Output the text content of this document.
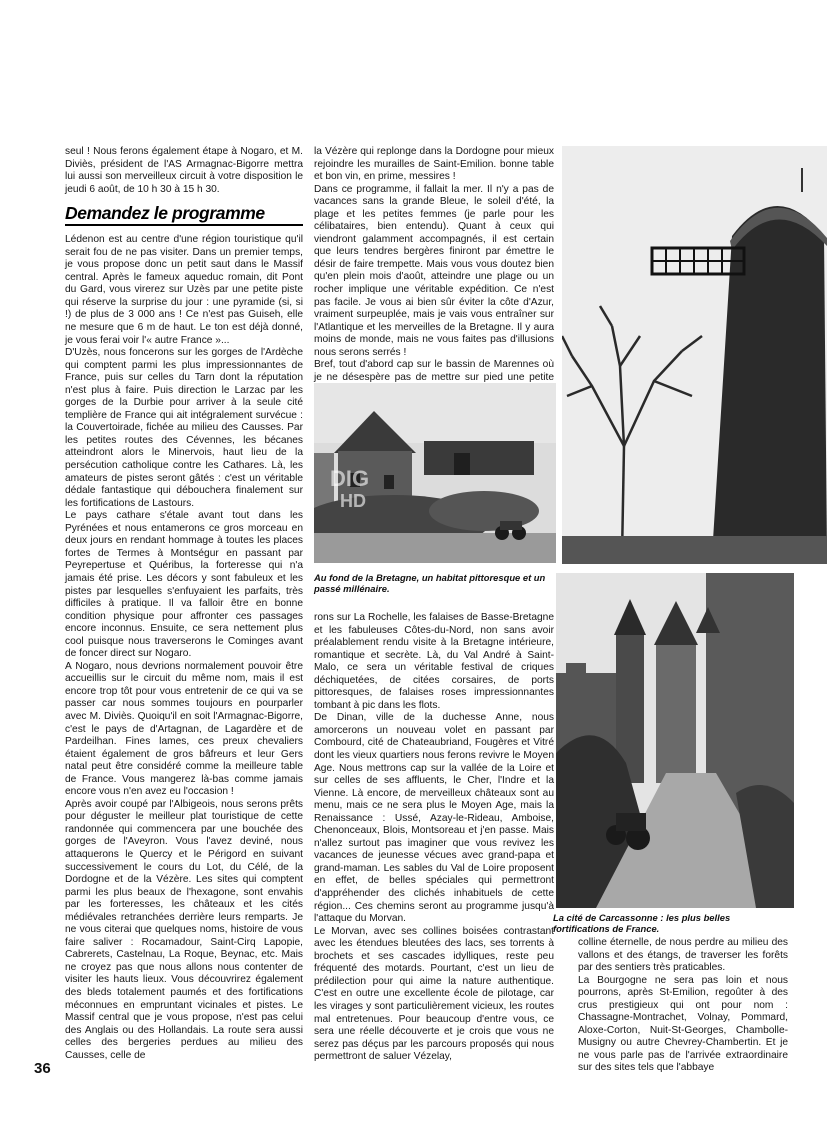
seul ! Nous ferons également étape à Nogaro, et M. Diviès, président de l'AS Armagnac-Bigorre mettra lui aussi son merveilleux circuit à votre disposition le jeudi 6 août, de 10 h 30 à 15 h 30.

Demandez le programme

Lédenon est au centre d'une région touristique qu'il serait fou de ne pas visiter. Dans un premier temps, je vous propose donc un petit saut dans le Massif central. Après le fameux aqueduc romain, dit Pont du Gard, vous virerez sur Uzès par une petite piste qui réserve la surprise du jour : une pyramide (si, si !) de plus de 3 000 ans ! Ce n'est pas Guiseh, elle ne mesure que 6 m de haut. Le ton est déjà donné, je vous ferai voir l'« autre France »...

D'Uzès, nous foncerons sur les gorges de l'Ardèche qui comptent parmi les plus impressionnantes de France, puis sur celles du Tarn dont la réputation n'est plus à faire. Puis direction le Larzac par les gorges de la Durbie pour arriver à la seule cité templière de France qui ait intégralement survécue : la Couvertoirade, fichée au milieu des Causses. Par les petites routes des Cévennes, les bécanes atteindront alors le Minervois, haut lieu de la persécution catholique contre les Cathares. Là, les amateurs de pistes seront gâtés : c'est un véritable dédale fantastique qui débouchera finalement sur les fortifications de Lastours.

Le pays cathare s'étale avant tout dans les Pyrénées et nous entamerons ce gros morceau en deux jours en rendant hommage à toutes les places fortes de Termes à Montségur en passant par Peyrepertuse et Quéribus, la forteresse qui n'a jamais été prise. Les décors y sont fabuleux et les pistes par lesquelles s'enfuyaient les parfaits, très difficiles à pratique. Il va falloir être en bonne condition physique pour affronter ces passages encore inconnus. Ensuite, ce sera nettement plus cool puisque nous traverserons le Cominges avant de foncer direct sur Nogaro.

A Nogaro, nous devrions normalement pouvoir être accueillis sur le circuit du même nom, mais il est encore trop tôt pour vous entretenir de ce qui va se passer car nous sommes toujours en pourparler avec M. Diviès. Quoiqu'il en soit l'Armagnac-Bigorre, c'est le pays de d'Artagnan, de Lagardère et de Pardeilhan. Fines lames, ces preux chevaliers étaient également de gros bâfreurs et leur Gers natal peut être considéré comme la meilleure table de France. Vous mangerez là-bas comme jamais encore vous n'en avez eu l'occasion !

Après avoir coupé par l'Albigeois, nous serons prêts pour déguster le meilleur plat touristique de cette randonnée qui commencera par une bouchée des gorges de l'Aveyron. Vous l'avez deviné, nous attaquerons le Quercy et le Périgord en suivant successivement le cours du Lot, du Célé, de la Dordogne et de la Vézère. Les sites qui comptent parmi les plus beaux de l'hexagone, sont envahis par les forteresses, les châteaux et les cités médiévales retranchées derrière leurs remparts. Je ne vous citerai que quelques noms, histoire de vous faire saliver : Rocamadour, Saint-Cirq Lapopie, Cabrerets, Castelnau, La Roque, Beynac, etc. Mais ne croyez pas que nous allons nous contenter de visiter les hauts lieux. Vous découvrirez également des bleds totalement paumés et des fortifications méconnues en empruntant vicinales et pistes. Le Massif central que je vous propose, n'est pas celui des Anglais ou des Hollandais. La route sera aussi celles des bergeries perdues au milieu des Causses, celle de

la Vézère qui replonge dans la Dordogne pour mieux rejoindre les murailles de Saint-Emilion. bonne table et bon vin, en prime, messires !

Dans ce programme, il fallait la mer. Il n'y a pas de vacances sans la grande Bleue, le soleil d'été, la plage et les petites femmes (je parle pour les célibataires, bien entendu). Quant à ceux qui viendront galamment accompagnés, il est certain que leurs tendres bergères finiront par émettre le désir de faire trempette. Mais vous vous doutez bien qu'en plein mois d'août, atteindre une plage ou un rocher implique une véritable expédition. Ce n'est pas facile. Je vous ai bien sûr éviter la côte d'Azur, vraiment surpeuplée, mais je vais vous entraîner sur l'Atlantique et les merveilles de la Bretagne. Il y aura moins de monde, mais ne vous faites pas d'illusions nous serons serrés !

Bref, tout d'abord cap sur le bassin de Marennes où je ne désespère pas de mettre sur pied une petite

DIG
HD
Au fond de la Bretagne, un habitat pittoresque et un passé millénaire.
La cité de Carcassonne : les plus belles fortifications de France.

rons sur La Rochelle, les falaises de Basse-Bretagne et les fabuleuses Côtes-du-Nord, non sans avoir préalablement rendu visite à la Bretagne intérieure, romantique et secrète. Là, du Val André à Saint-Malo, ce sera un véritable festival de criques déchiquetées, de citées corsaires, de ports pittoresques, de falaises roses impressionnantes tombant à pic dans les flots.

De Dinan, ville de la duchesse Anne, nous amorcerons un nouveau volet en passant par Combourd, cité de Chateaubriand, Fougères et Vitré dont les vieux quartiers nous ferons revivre le Moyen Age. Nous mettrons cap sur la vallée de la Loire et sur celles de ses affluents, le Cher, l'Indre et la Vienne. Là encore, de merveilleux châteaux sont au menu, mais ce ne sera plus le Moyen Age, mais la Renaissance : Ussé, Azay-le-Rideau, Amboise, Chenonceaux, Blois, Montsoreau et j'en passe. Mais n'allez surtout pas imaginer que vous revivez les vacances de jeunesse vécues avec grand-papa et grand-maman. Les sables du Val de Loire proposent en effet, de belles spéciales qui permettront d'appréhender des clichés inhabituels de cette région... Ces chemins seront au programme jusqu'à l'attaque du Morvan.

Le Morvan, avec ses collines boisées contrastant avec les étendues bleutées des lacs, ses torrents à brochets et ses cascades idylliques, reste peu fréquenté des motards. Pourtant, c'est un lieu de prédilection pour qui aime la nature authentique. C'est en outre une excellente école de pilotage, car les virages y sont particulièrement vicieux, les routes mal entretenues. Pour beaucoup d'entre vous, ce sera une réelle découverte et je crois que vous ne serez pas déçus par les parcours proposés qui nous permettront de saluer Vézelay,

colline éternelle, de nous perdre au milieu des vallons et des étangs, de traverser les forêts par des sentiers très praticables.

La Bourgogne ne sera pas loin et nous pourrons, après St-Emilion, regoûter à des crus prestigieux qui ont pour nom : Chassagne-Montrachet, Volnay, Pommard, Aloxe-Corton, Nuit-St-Georges, Chambolle-Musigny ou autre Chevrey-Chambertin. Et je ne vous parle pas de l'arrivée extraordinaire sur des sites tels que l'abbaye

36
